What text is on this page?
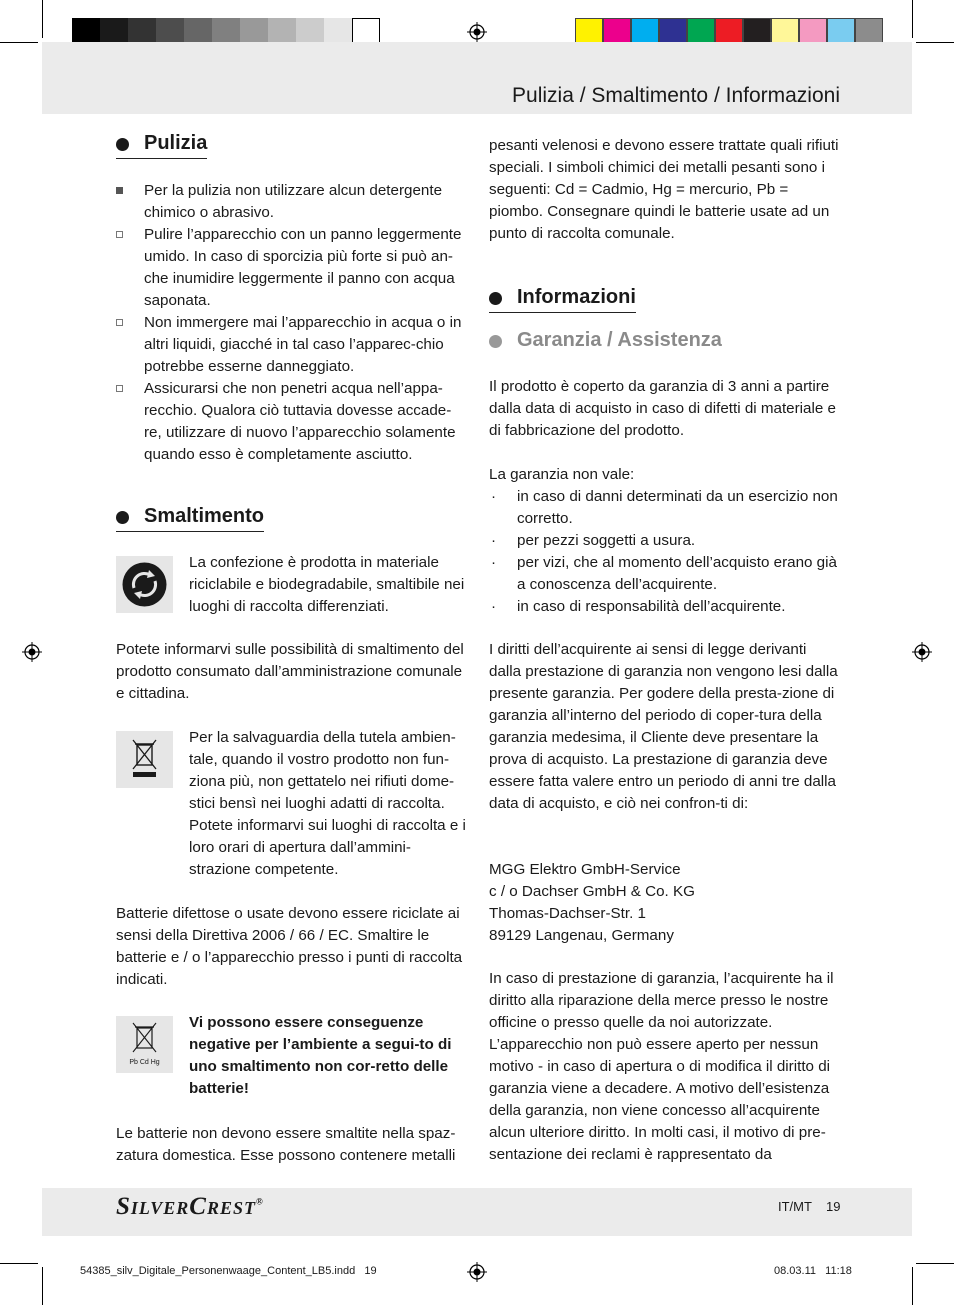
Pulizia / Smaltimento / Informazioni
Pulizia
Per la pulizia non utilizzare alcun detergente chimico o abrasivo.
Pulire l’apparecchio con un panno leggermente umido. In caso di sporcizia più forte si può an-che inumidire leggermente il panno con acqua saponata.
Non immergere mai l’apparecchio in acqua o in altri liquidi, giacché in tal caso l’apparec-chio potrebbe esserne danneggiato.
Assicurarsi che non penetri acqua nell’appa-recchio. Qualora ciò tuttavia dovesse accade-re, utilizzare di nuovo l’apparecchio solamente quando esso è completamente asciutto.
Smaltimento
La confezione è prodotta in materiale riciclabile e biodegradabile, smaltibile nei luoghi di raccolta differenziati.
Potete informarvi sulle possibilità di smaltimento del prodotto consumato dall’amministrazione comunale e cittadina.
Per la salvaguardia della tutela ambien-tale, quando il vostro prodotto non fun-ziona più, non gettatelo nei rifiuti dome-stici bensì nei luoghi adatti di raccolta. Potete informarvi sui luoghi di raccolta e i loro orari di apertura dall’ammini-strazione competente.
Batterie difettose o usate devono essere riciclate ai sensi della Direttiva 2006 / 66 / EC. Smaltire le batterie e / o l’apparecchio presso i punti di raccolta indicati.
Pb Cd Hg
Vi possono essere conseguenze negative per l’ambiente a segui-to di uno smaltimento non cor-retto delle batterie!
Le batterie non devono essere smaltite nella spaz-zatura domestica. Esse possono contenere metalli
pesanti velenosi e devono essere trattate quali rifiuti speciali. I simboli chimici dei metalli pesanti sono i seguenti: Cd = Cadmio, Hg = mercurio, Pb = piombo. Consegnare quindi le batterie usate ad un punto di raccolta comunale.
Informazioni
Garanzia / Assistenza
Il prodotto è coperto da garanzia di 3 anni a partire dalla data di acquisto in caso di difetti di materiale e di fabbricazione del prodotto.

La garanzia non vale:

· in caso di danni determinati da un esercizio non corretto.
· per pezzi soggetti a usura.
· per vizi, che al momento dell’acquisto erano già a conoscenza dell’acquirente.
· in caso di responsabilità dell’acquirente.
I diritti dell’acquirente ai sensi di legge derivanti dalla prestazione di garanzia non vengono lesi dalla presente garanzia. Per godere della presta-zione di garanzia all’interno del periodo di coper-tura della garanzia medesima, il Cliente deve presentare la prova di acquisto. La prestazione di garanzia deve essere fatta valere entro un periodo di anni tre dalla data di acquisto, e ciò nei confron-ti di:

MGG Elektro GmbH-Service

c / o Dachser GmbH & Co. KG

Thomas-Dachser-Str. 1

89129 Langenau, Germany

In caso di prestazione di garanzia, l’acquirente ha il diritto alla riparazione della merce presso le nostre officine o presso quelle da noi autorizzate. L’apparecchio non può essere aperto per nessun motivo - in caso di apertura o di modifica il diritto di garanzia viene a decadere. A motivo dell’esistenza della garanzia, non viene concesso all’acquirente alcun ulteriore diritto. In molti casi, il motivo di pre-sentazione dei reclami è rappresentato da
SilverCrest®	IT/MT 19
54385_silv_Digitale_Personenwaage_Content_LB5.indd   19	08.03.11   11:18
